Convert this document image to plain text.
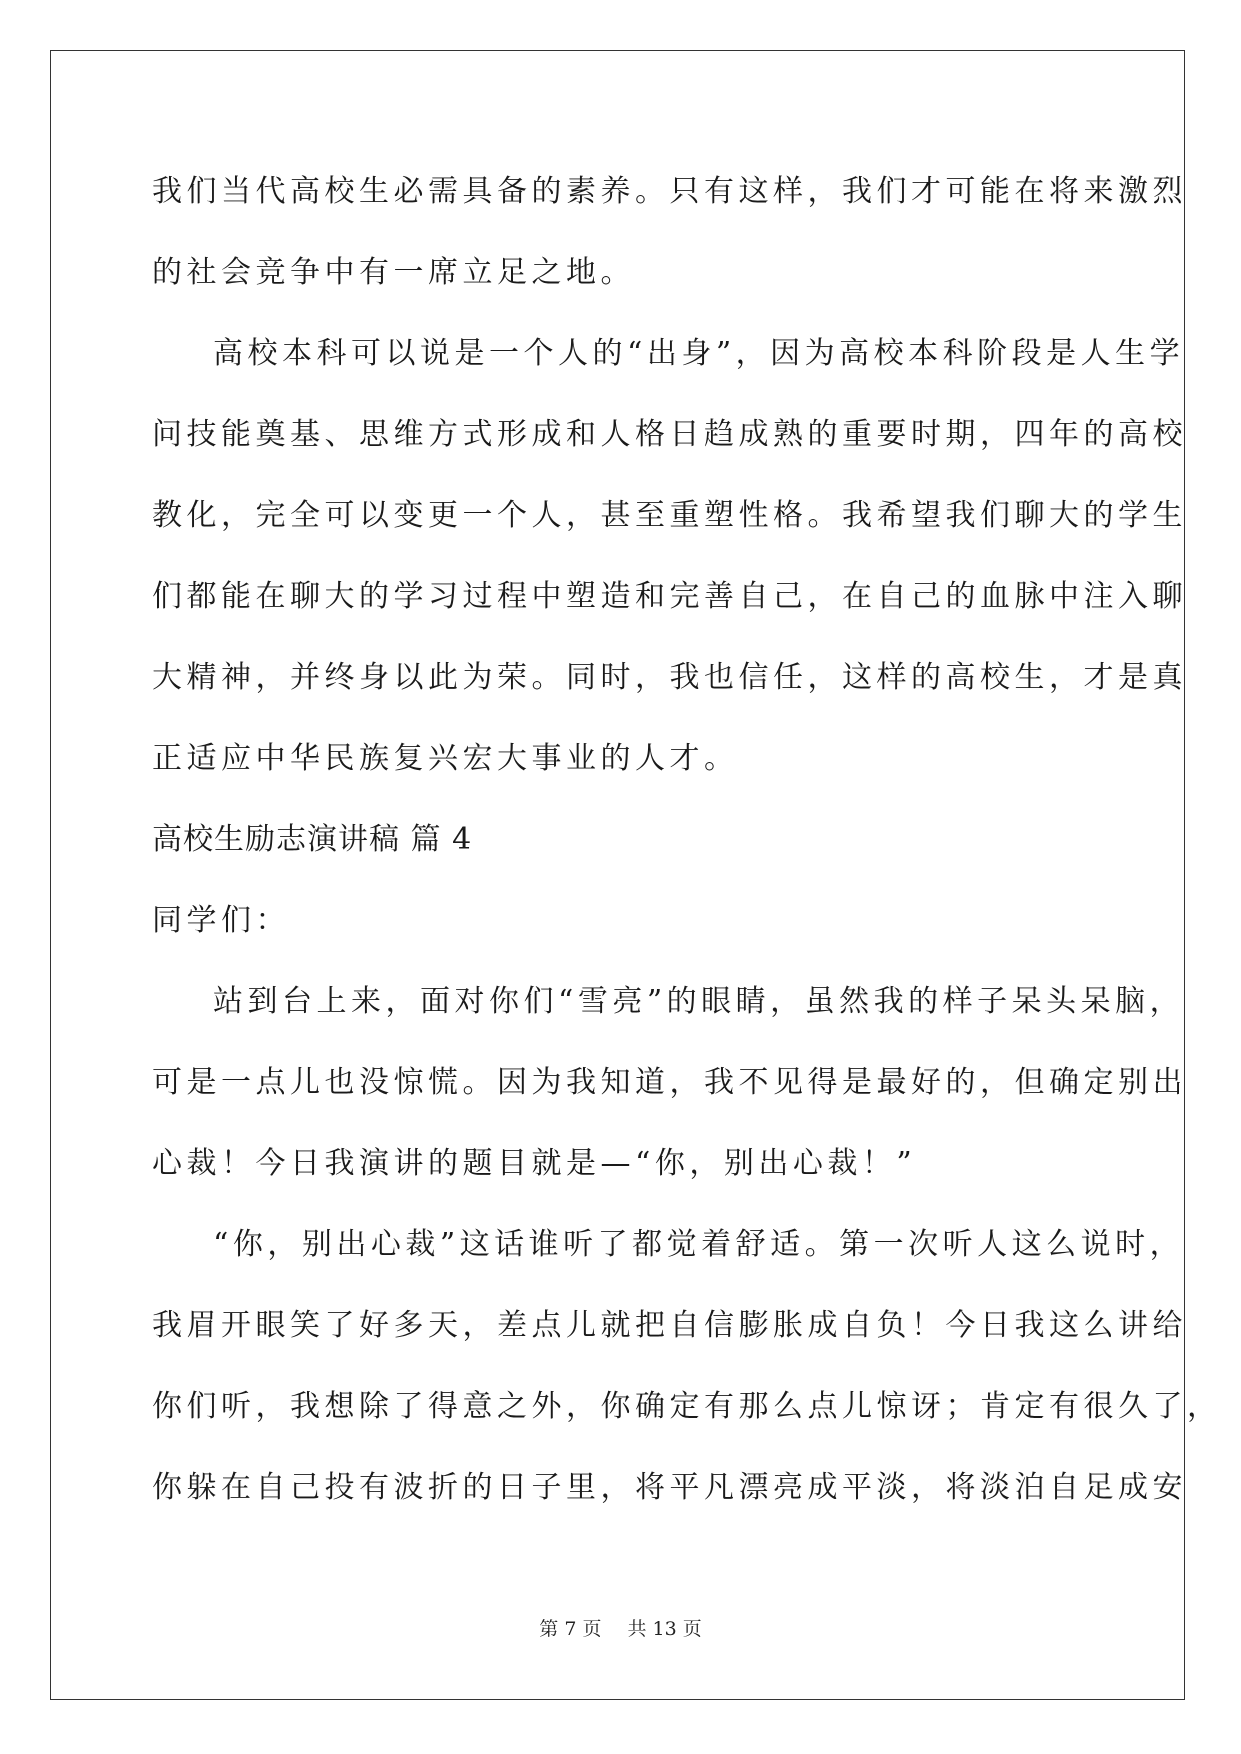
我们当代高校生必需具备的素养。只有这样，我们才可能在将来激烈
的社会竞争中有一席立足之地。
高校本科可以说是一个人的“出身”，因为高校本科阶段是人生学
问技能奠基、思维方式形成和人格日趋成熟的重要时期，四年的高校
教化，完全可以变更一个人，甚至重塑性格。我希望我们聊大的学生
们都能在聊大的学习过程中塑造和完善自己，在自己的血脉中注入聊
大精神，并终身以此为荣。同时，我也信任，这样的高校生，才是真
正适应中华民族复兴宏大事业的人才。
高校生励志演讲稿 篇 4
同学们：
站到台上来，面对你们“雪亮”的眼睛，虽然我的样子呆头呆脑，
可是一点儿也没惊慌。因为我知道，我不见得是最好的，但确定别出
心裁！今日我演讲的题目就是—“你，别出心裁！”
“你，别出心裁”这话谁听了都觉着舒适。第一次听人这么说时，
我眉开眼笑了好多天，差点儿就把自信膨胀成自负！今日我这么讲给
你们听，我想除了得意之外，你确定有那么点儿惊讶；肯定有很久了，
你躲在自己投有波折的日子里，将平凡漂亮成平淡，将淡泊自足成安
第 7 页 共 13 页
